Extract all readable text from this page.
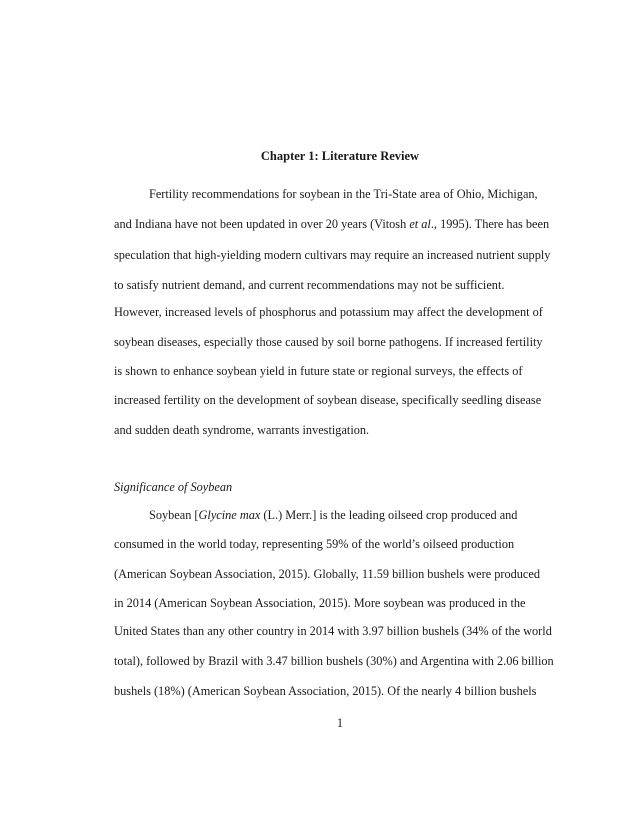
Chapter 1: Literature Review
Fertility recommendations for soybean in the Tri-State area of Ohio, Michigan,
and Indiana have not been updated in over 20 years (Vitosh et al., 1995). There has been
speculation that high-yielding modern cultivars may require an increased nutrient supply
to satisfy nutrient demand, and current recommendations may not be sufficient.
However, increased levels of phosphorus and potassium may affect the development of
soybean diseases, especially those caused by soil borne pathogens. If increased fertility
is shown to enhance soybean yield in future state or regional surveys, the effects of
increased fertility on the development of soybean disease, specifically seedling disease
and sudden death syndrome, warrants investigation.
Significance of Soybean
Soybean [Glycine max (L.) Merr.] is the leading oilseed crop produced and
consumed in the world today, representing 59% of the world’s oilseed production
(American Soybean Association, 2015). Globally, 11.59 billion bushels were produced
in 2014 (American Soybean Association, 2015). More soybean was produced in the
United States than any other country in 2014 with 3.97 billion bushels (34% of the world
total), followed by Brazil with 3.47 billion bushels (30%) and Argentina with 2.06 billion
bushels (18%) (American Soybean Association, 2015). Of the nearly 4 billion bushels
1
